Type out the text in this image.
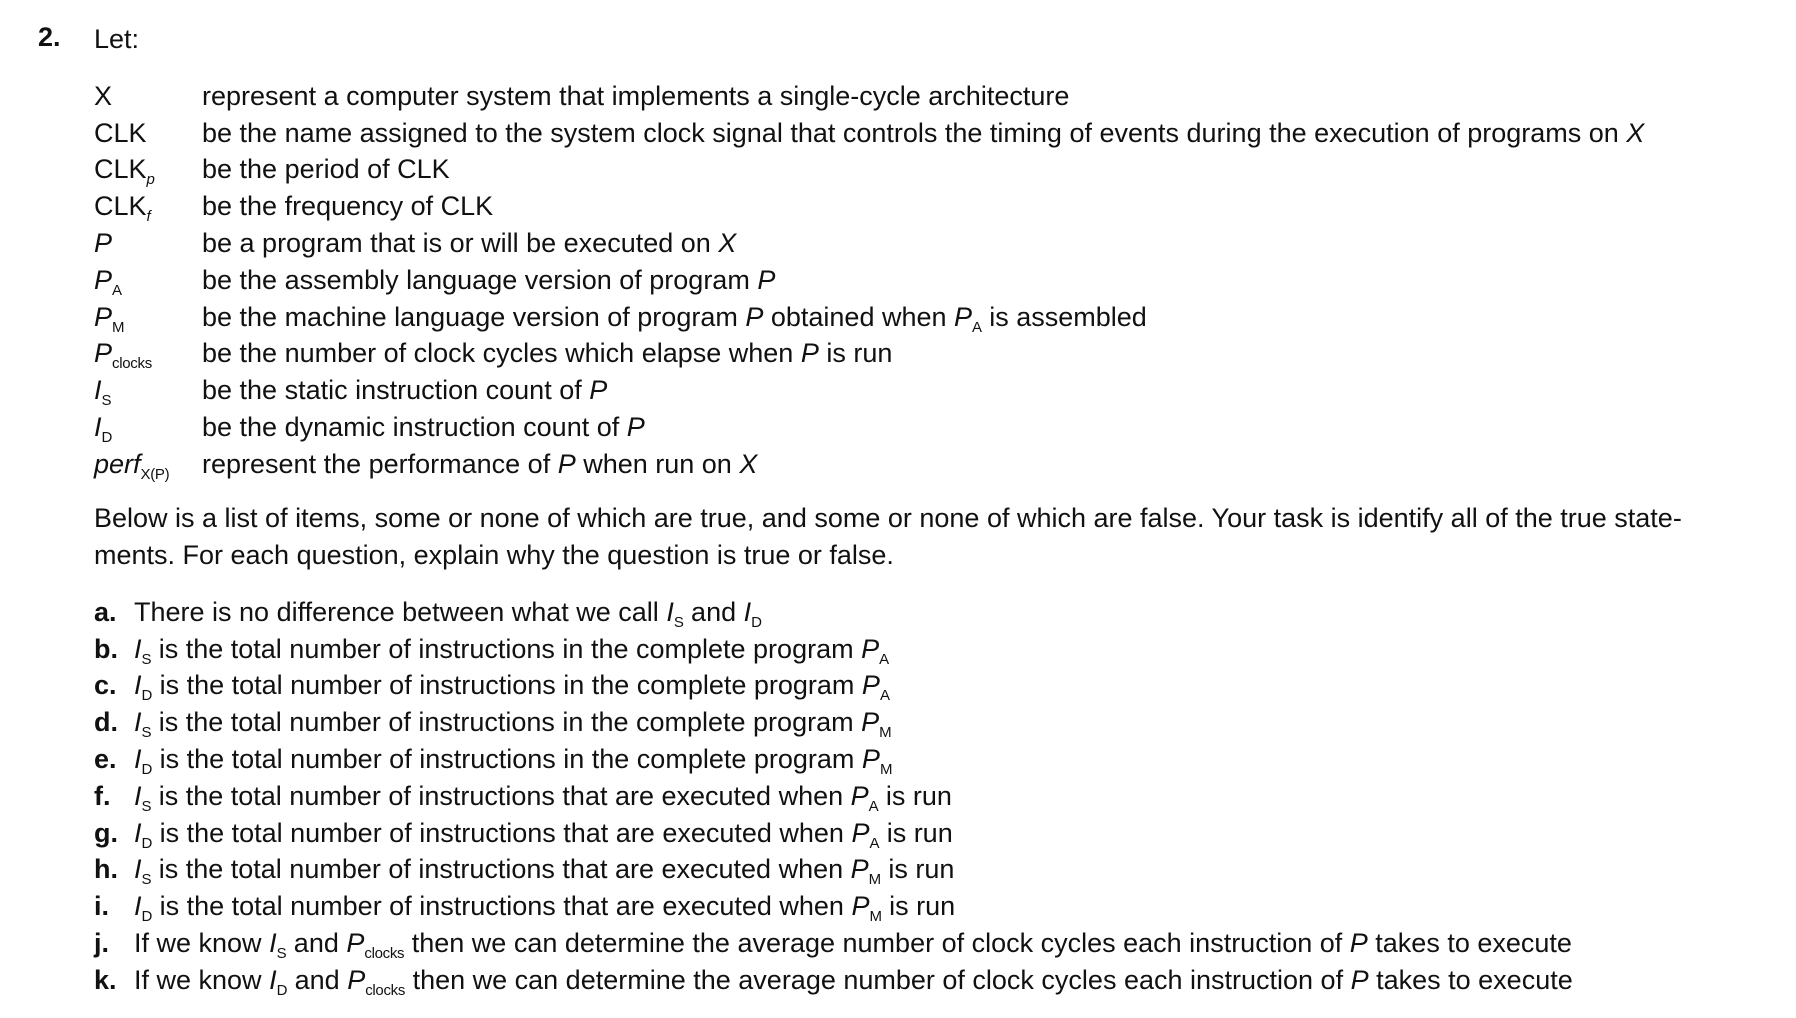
2. Let:
X	represent a computer system that implements a single-cycle architecture
CLK	be the name assigned to the system clock signal that controls the timing of events during the execution of programs on X
$CLK_p$	be the period of CLK
$CLK_f$	be the frequency of CLK
P	be a program that is or will be executed on X
$P_A$	be the assembly language version of program P
$P_M$	be the machine language version of program P obtained when $P_A$ is assembled
$P_{clocks}$	be the number of clock cycles which elapse when P is run
$I_S$	be the static instruction count of P
$I_D$	be the dynamic instruction count of P
perf$_{X(P)}$	represent the performance of P when run on X
Below is a list of items, some or none of which are true, and some or none of which are false. Your task is identify all of the true state- ments. For each question, explain why the question is true or false.
a. There is no difference between what we call $I_S$ and $I_D$
b. $I_S$ is the total number of instructions in the complete program $P_A$
c. $I_D$ is the total number of instructions in the complete program $P_A$
d. $I_S$ is the total number of instructions in the complete program $P_M$
e. $I_D$ is the total number of instructions in the complete program $P_M$
f. $I_S$ is the total number of instructions that are executed when $P_A$ is run
g. $I_D$ is the total number of instructions that are executed when $P_A$ is run
h. $I_S$ is the total number of instructions that are executed when $P_M$ is run
i. $I_D$ is the total number of instructions that are executed when $P_M$ is run
j. If we know $I_S$ and $P_{clocks}$ then we can determine the average number of clock cycles each instruction of P takes to execute
k. If we know $I_D$ and $P_{clocks}$ then we can determine the average number of clock cycles each instruction of P takes to execute
